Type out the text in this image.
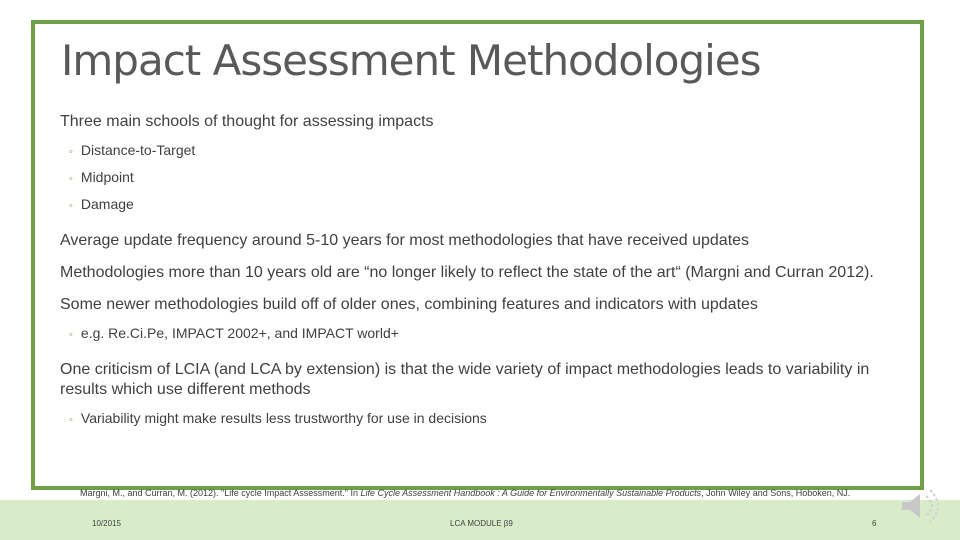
Impact Assessment Methodologies

Three main schools of thought for assessing impacts

◦ Distance-to-Target
◦ Midpoint
◦ Damage

Average update frequency around 5-10 years for most methodologies that have received updates

Methodologies more than 10 years old are “no longer likely to reflect the state of the art“ (Margni and Curran 2012).

Some newer methodologies build off of older ones, combining features and indicators with updates

◦ e.g. Re.Ci.Pe, IMPACT 2002+, and IMPACT world+

One criticism of LCIA (and LCA by extension) is that the wide variety of impact methodologies leads to variability in results which use different methods

◦ Variability might make results less trustworthy for use in decisions
Margni, M., and Curran, M. (2012). "Life cycle Impact Assessment." In Life Cycle Assessment Handbook : A Guide for Environmentally Sustainable Products, John Wiley and Sons, Hoboken, NJ.
10/2015	LCA MODULE β9	6
